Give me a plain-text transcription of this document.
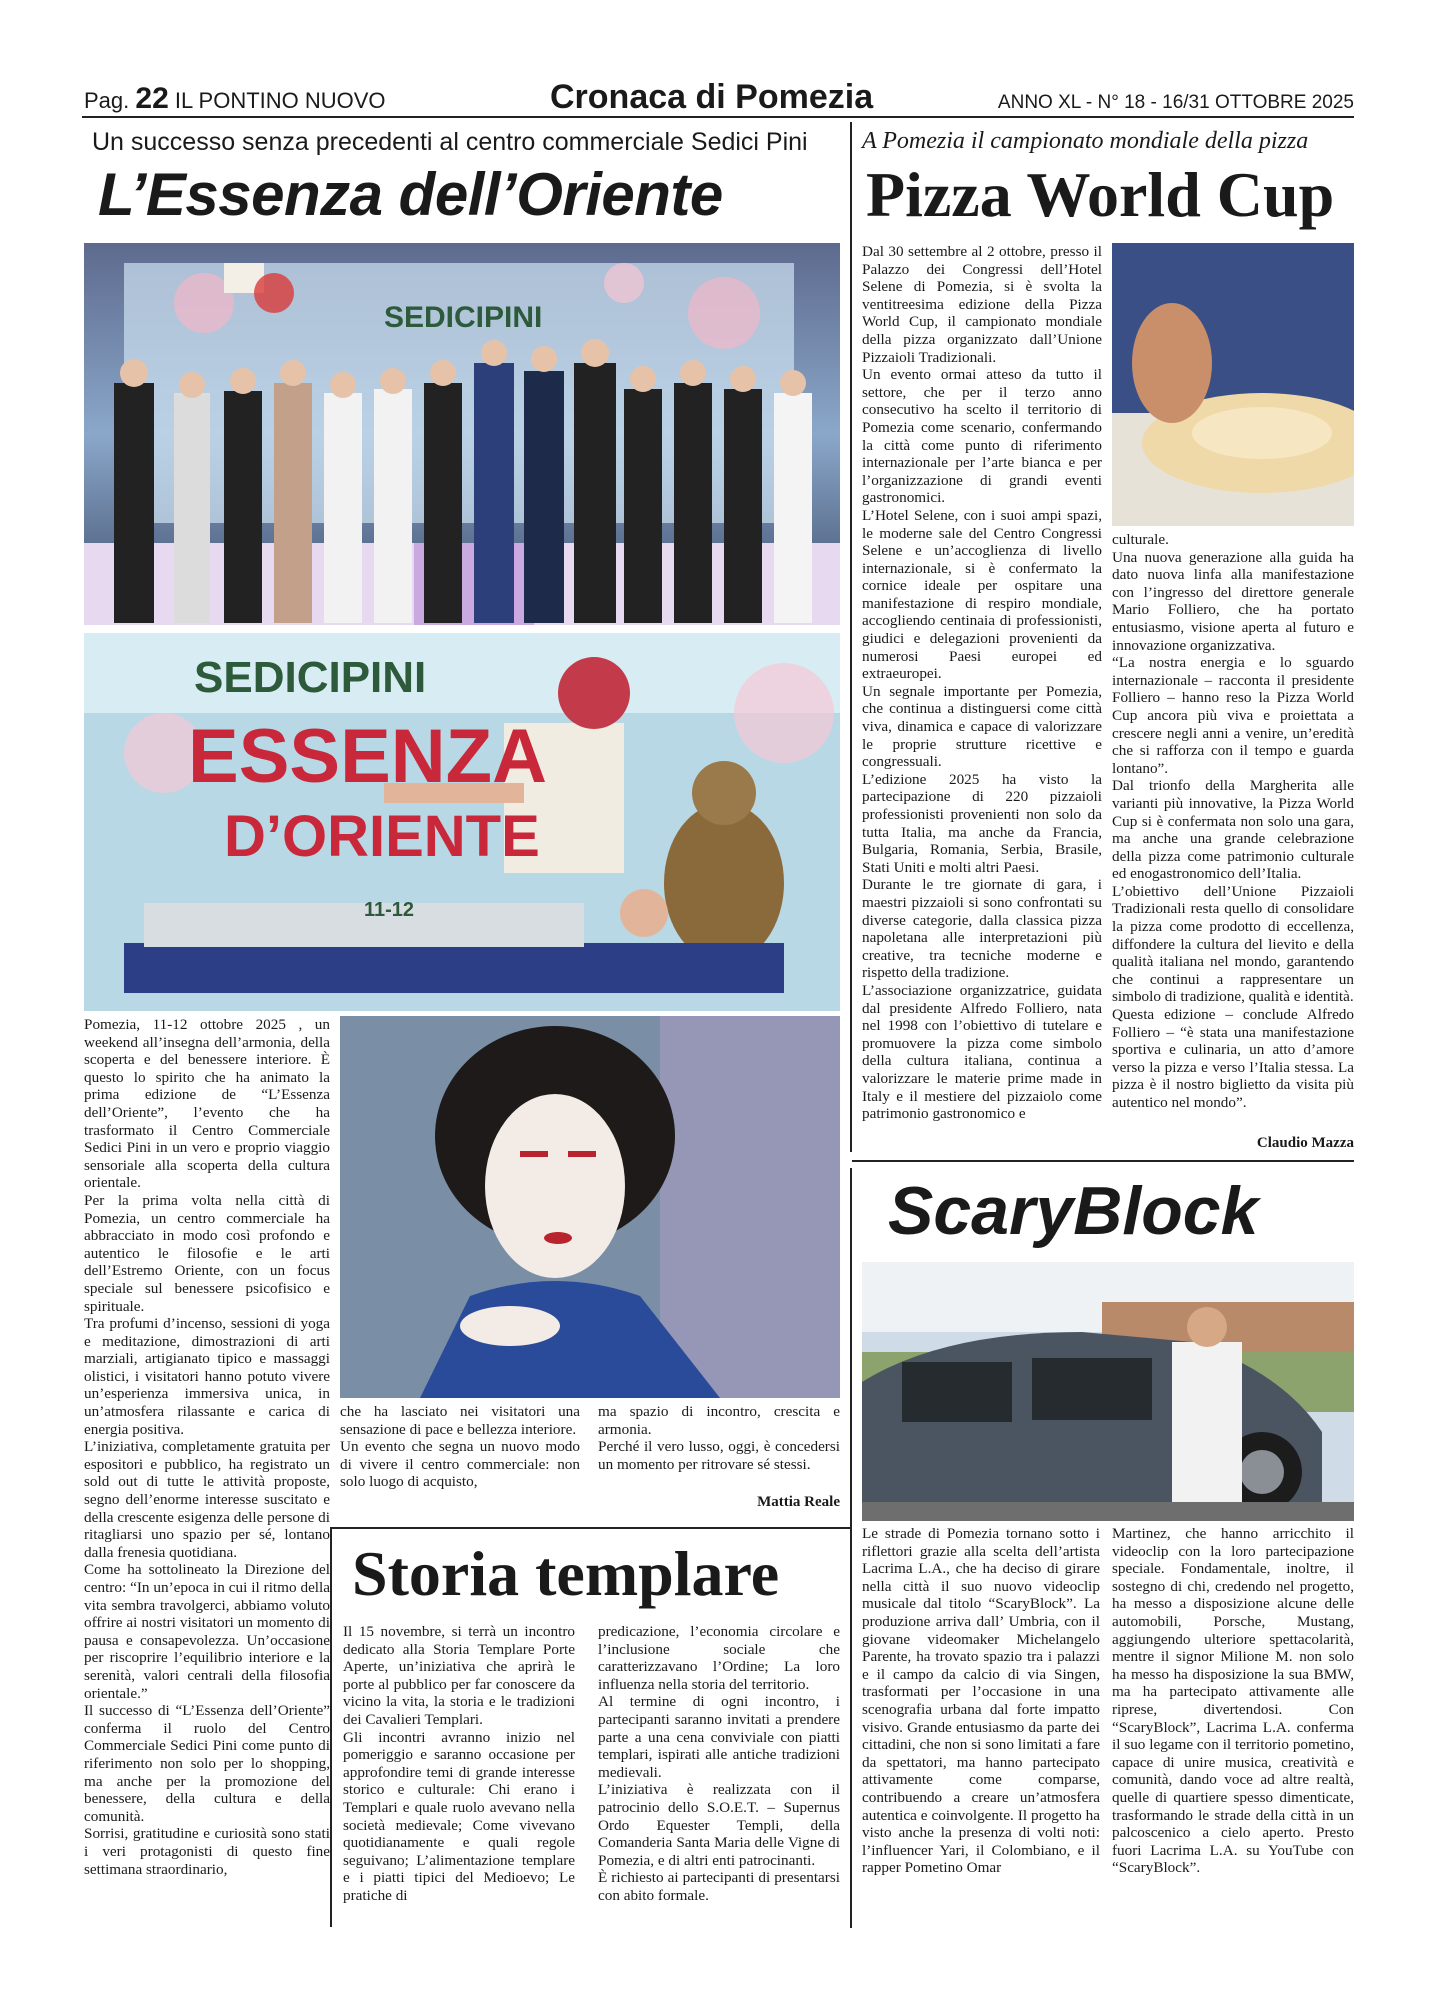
Pag. 22 IL PONTINO NUOVO	Cronaca di Pomezia	ANNO XL - N° 18 - 16/31 OTTOBRE 2025
Un successo senza precedenti al centro commerciale Sedici Pini
L’Essenza dell’Oriente
SEDICIPINI
SEDICIPINI
ESSENZA
D’ORIENTE
11-12

Pomezia, 11-12 ottobre 2025 , un weekend all’insegna dell’armonia, della scoperta e del benessere interiore. È questo lo spirito che ha animato la prima edizione de “L’Essenza dell’Oriente”, l’evento che ha trasformato il Centro Commerciale Sedici Pini in un vero e proprio viaggio sensoriale alla scoperta della cultura orientale.

Per la prima volta nella città di Pomezia, un centro commerciale ha abbracciato in modo così profondo e autentico le filosofie e le arti dell’Estremo Oriente, con un focus speciale sul benessere psicofisico e spirituale.

Tra profumi d’incenso, sessioni di yoga e meditazione, dimostrazioni di arti marziali, artigianato tipico e massaggi olistici, i visitatori hanno potuto vivere un’esperienza immersiva unica, in un’atmosfera rilassante e carica di energia positiva.

L’iniziativa, completamente gratuita per espositori e pubblico, ha registrato un sold out di tutte le attività proposte, segno dell’enorme interesse suscitato e della crescente esigenza delle persone di ritagliarsi uno spazio per sé, lontano dalla frenesia quotidiana.

Come ha sottolineato la Direzione del centro: “In un’epoca in cui il ritmo della vita sembra travolgerci, abbiamo voluto offrire ai nostri visitatori un momento di pausa e consapevolezza. Un’occasione per riscoprire l’equilibrio interiore e la serenità, valori centrali della filosofia orientale.”

Il successo di “L’Essenza dell’Oriente” conferma il ruolo del Centro Commerciale Sedici Pini come punto di riferimento non solo per lo shopping, ma anche per la promozione del benessere, della cultura e della comunità.

Sorrisi, gratitudine e curiosità sono stati i veri protagonisti di questo fine settimana straordinario,

che ha lasciato nei visitatori una sensazione di pace e bellezza interiore.

Un evento che segna un nuovo modo di vivere il centro commerciale: non solo luogo di acquisto,

ma spazio di incontro, crescita e armonia.

Perché il vero lusso, oggi, è concedersi un momento per ritrovare sé stessi.

Mattia Reale
Storia templare

Il 15 novembre, si terrà un incontro dedicato alla Storia Templare Porte Aperte, un’iniziativa che aprirà le porte al pubblico per far conoscere da vicino la vita, la storia e le tradizioni dei Cavalieri Templari.

Gli incontri avranno inizio nel pomeriggio e saranno occasione per approfondire temi di grande interesse storico e culturale: Chi erano i Templari e quale ruolo avevano nella società medievale; Come vivevano quotidianamente e quali regole seguivano; L’alimentazione templare e i piatti tipici del Medioevo; Le pratiche di

predicazione, l’economia circolare e l’inclusione sociale che caratterizzavano l’Ordine; La loro influenza nella storia del territorio.

Al termine di ogni incontro, i partecipanti saranno invitati a prendere parte a una cena conviviale con piatti templari, ispirati alle antiche tradizioni medievali.

L’iniziativa è realizzata con il patrocinio dello S.O.E.T. – Supernus Ordo Equester Templi, della Comanderia Santa Maria delle Vigne di Pomezia, e di altri enti patrocinanti.

È richiesto ai partecipanti di presentarsi con abito formale.

A Pomezia il campionato mondiale della pizza
Pizza World Cup

Dal 30 settembre al 2 ottobre, presso il Palazzo dei Congressi dell’Hotel Selene di Pomezia, si è svolta la ventitreesima edizione della Pizza World Cup, il campionato mondiale della pizza organizzato dall’Unione Pizzaioli Tradizionali.

Un evento ormai atteso da tutto il settore, che per il terzo anno consecutivo ha scelto il territorio di Pomezia come scenario, confermando la città come punto di riferimento internazionale per l’arte bianca e per l’organizzazione di grandi eventi gastronomici.

L’Hotel Selene, con i suoi ampi spazi, le moderne sale del Centro Congressi Selene e un’accoglienza di livello internazionale, si è confermato la cornice ideale per ospitare una manifestazione di respiro mondiale, accogliendo centinaia di professionisti, giudici e delegazioni provenienti da numerosi Paesi europei ed extraeuropei.

Un segnale importante per Pomezia, che continua a distinguersi come città viva, dinamica e capace di valorizzare le proprie strutture ricettive e congressuali.

L’edizione 2025 ha visto la partecipazione di 220 pizzaioli professionisti provenienti non solo da tutta Italia, ma anche da Francia, Bulgaria, Romania, Serbia, Brasile, Stati Uniti e molti altri Paesi.

Durante le tre giornate di gara, i maestri pizzaioli si sono confrontati su diverse categorie, dalla classica pizza napoletana alle interpretazioni più creative, tra tecniche moderne e rispetto della tradizione.

L’associazione organizzatrice, guidata dal presidente Alfredo Folliero, nata nel 1998 con l’obiettivo di tutelare e promuovere la pizza come simbolo della cultura italiana, continua a valorizzare le materie prime made in Italy e il mestiere del pizzaiolo come patrimonio gastronomico e

culturale.

Una nuova generazione alla guida ha dato nuova linfa alla manifestazione con l’ingresso del direttore generale Mario Folliero, che ha portato entusiasmo, visione aperta al futuro e innovazione organizzativa.

“La nostra energia e lo sguardo internazionale – racconta il presidente Folliero – hanno reso la Pizza World Cup ancora più viva e proiettata a crescere negli anni a venire, un’eredità che si rafforza con il tempo e guarda lontano”.

Dal trionfo della Margherita alle varianti più innovative, la Pizza World Cup si è confermata non solo una gara, ma anche una grande celebrazione della pizza come patrimonio culturale ed enogastronomico dell’Italia.

L’obiettivo dell’Unione Pizzaioli Tradizionali resta quello di consolidare la pizza come prodotto di eccellenza, diffondere la cultura del lievito e della qualità italiana nel mondo, garantendo che continui a rappresentare un simbolo di tradizione, qualità e identità.

Questa edizione – conclude Alfredo Folliero – “è stata una manifestazione sportiva e culinaria, un atto d’amore verso la pizza e verso l’Italia stessa. La pizza è il nostro biglietto da visita più autentico nel mondo”.

Claudio Mazza
ScaryBlock

Le strade di Pomezia tornano sotto i riflettori grazie alla scelta dell’artista Lacrima L.A., che ha deciso di girare nella città il suo nuovo videoclip musicale dal titolo “ScaryBlock”. La produzione arriva dall’ Umbria, con il giovane videomaker Michelangelo Parente, ha trovato spazio tra i palazzi e il campo da calcio di via Singen, trasformati per l’occasione in una scenografia urbana dal forte impatto visivo. Grande entusiasmo da parte dei cittadini, che non si sono limitati a fare da spettatori, ma hanno partecipato attivamente come comparse, contribuendo a creare un’atmosfera autentica e coinvolgente. Il progetto ha visto anche la presenza di volti noti: l’influencer Yari, il Colombiano, e il rapper Pometino Omar

Martinez, che hanno arricchito il videoclip con la loro partecipazione speciale. Fondamentale, inoltre, il sostegno di chi, credendo nel progetto, ha messo a disposizione alcune delle automobili, Porsche, Mustang, aggiungendo ulteriore spettacolarità, mentre il signor Milione M. non solo ha messo ha disposizione la sua BMW, ma ha partecipato attivamente alle riprese, divertendosi. Con “ScaryBlock”, Lacrima L.A. conferma il suo legame con il territorio pometino, capace di unire musica, creatività e comunità, dando voce ad altre realtà, quelle di quartiere spesso dimenticate, trasformando le strade della città in un palcoscenico a cielo aperto. Presto fuori Lacrima L.A. su YouTube con “ScaryBlock”.
